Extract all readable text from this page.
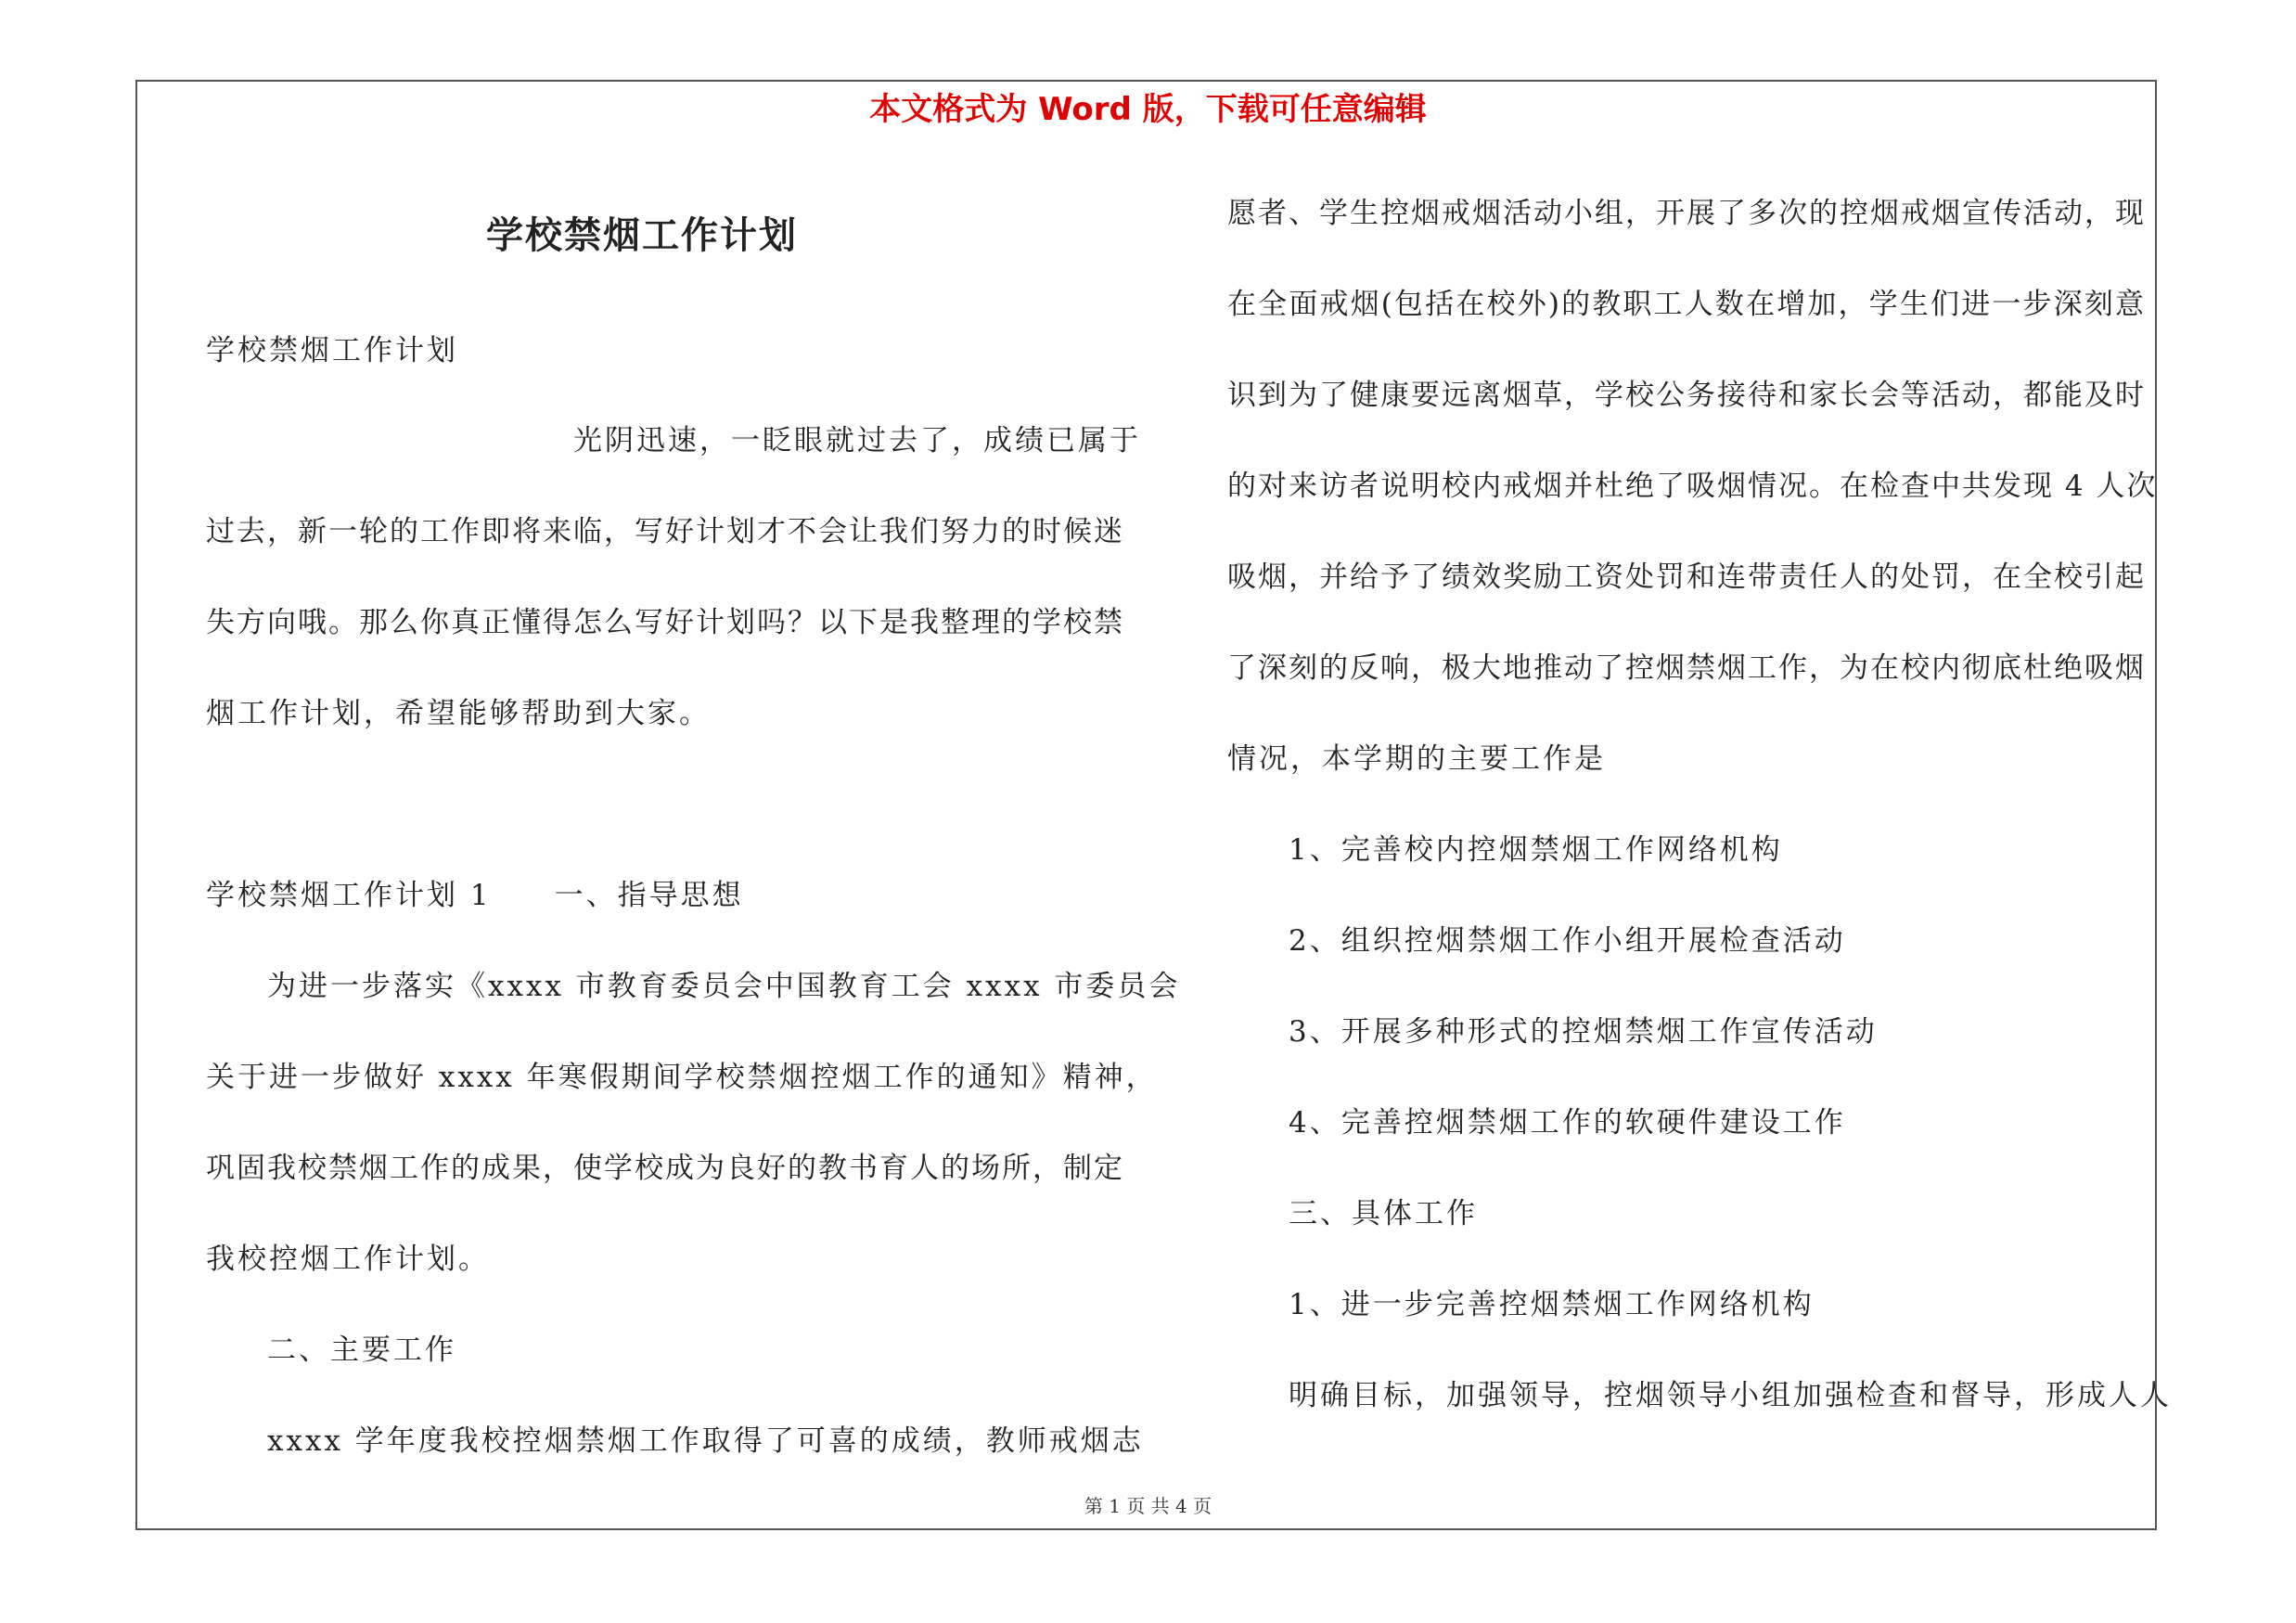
本文格式为 Word 版，下载可任意编辑
学校禁烟工作计划
学校禁烟工作计划
光阴迅速，一眨眼就过去了，成绩已属于
过去，新一轮的工作即将来临，写好计划才不会让我们努力的时候迷
失方向哦。那么你真正懂得怎么写好计划吗？以下是我整理的学校禁
烟工作计划，希望能够帮助到大家。
学校禁烟工作计划 1　　一、指导思想
为进一步落实《xxxx 市教育委员会中国教育工会 xxxx 市委员会
关于进一步做好 xxxx 年寒假期间学校禁烟控烟工作的通知》精神，
巩固我校禁烟工作的成果，使学校成为良好的教书育人的场所，制定
我校控烟工作计划。
二、主要工作
xxxx 学年度我校控烟禁烟工作取得了可喜的成绩，教师戒烟志
愿者、学生控烟戒烟活动小组，开展了多次的控烟戒烟宣传活动，现
在全面戒烟(包括在校外)的教职工人数在增加，学生们进一步深刻意
识到为了健康要远离烟草，学校公务接待和家长会等活动，都能及时
的对来访者说明校内戒烟并杜绝了吸烟情况。在检查中共发现 4 人次
吸烟，并给予了绩效奖励工资处罚和连带责任人的处罚，在全校引起
了深刻的反响，极大地推动了控烟禁烟工作，为在校内彻底杜绝吸烟
情况，本学期的主要工作是
1、完善校内控烟禁烟工作网络机构
2、组织控烟禁烟工作小组开展检查活动
3、开展多种形式的控烟禁烟工作宣传活动
4、完善控烟禁烟工作的软硬件建设工作
三、具体工作
1、进一步完善控烟禁烟工作网络机构
明确目标，加强领导，控烟领导小组加强检查和督导，形成人人
第 1 页 共 4 页
